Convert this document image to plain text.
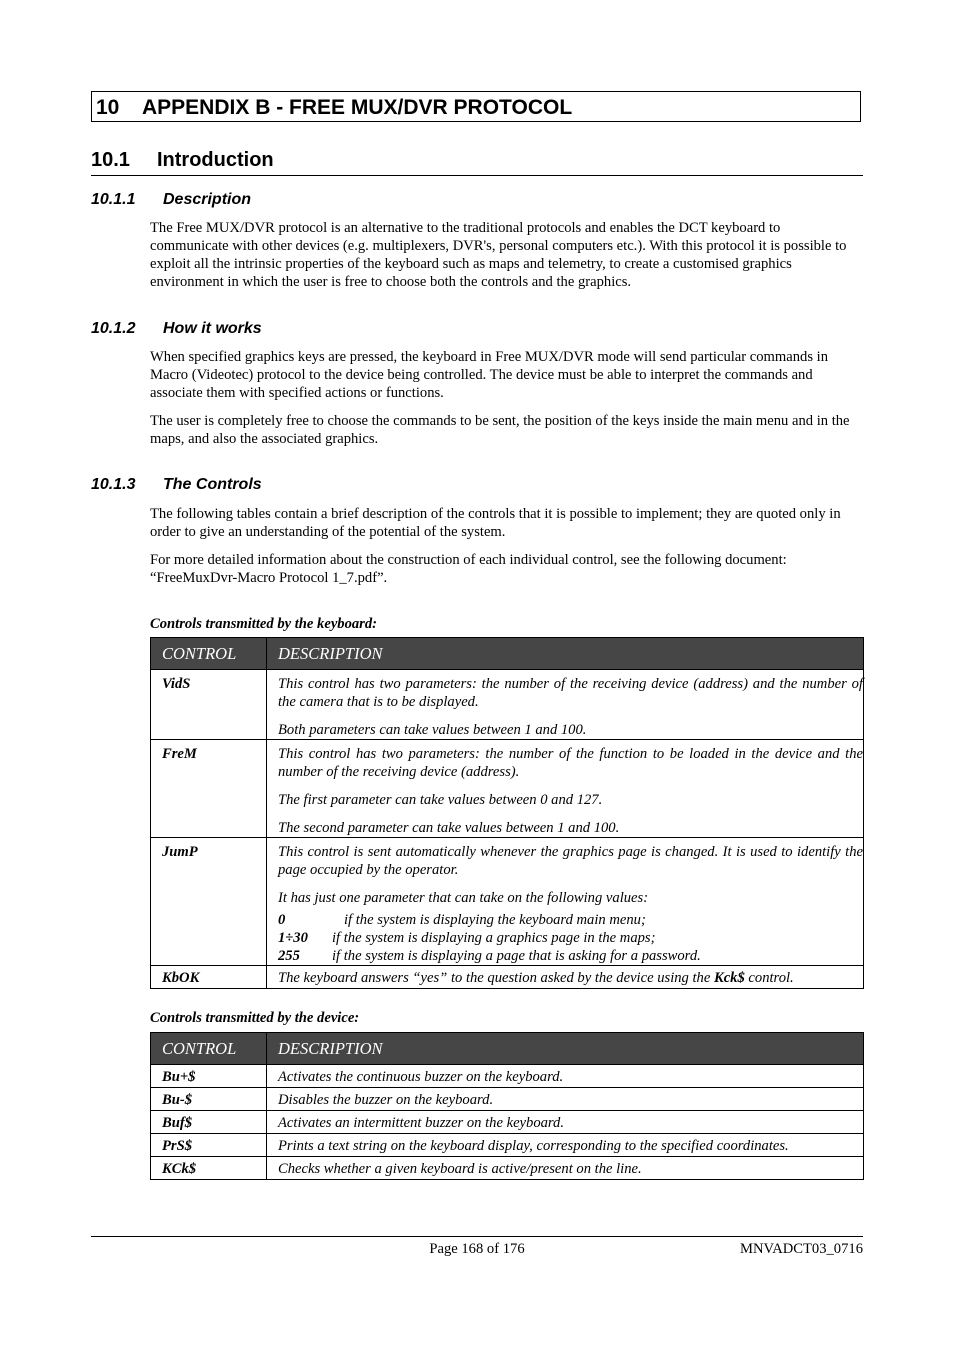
10 APPENDIX B - FREE MUX/DVR PROTOCOL
10.1 Introduction
10.1.1 Description

The Free MUX/DVR protocol is an alternative to the traditional protocols and enables the DCT keyboard to communicate with other devices (e.g. multiplexers, DVR's, personal computers etc.). With this protocol it is possible to exploit all the intrinsic properties of the keyboard such as maps and telemetry, to create a customised graphics environment in which the user is free to choose both the controls and the graphics.

10.1.2 How it works

When specified graphics keys are pressed, the keyboard in Free MUX/DVR mode will send particular commands in Macro (Videotec) protocol to the device being controlled. The device must be able to interpret the commands and associate them with specified actions or functions.

The user is completely free to choose the commands to be sent, the position of the keys inside the main menu and in the maps, and also the associated graphics.

10.1.3 The Controls

The following tables contain a brief description of the controls that it is possible to implement; they are quoted only in order to give an understanding of the potential of the system.

For more detailed information about the construction of each individual control, see the following document: “FreeMuxDvr-Macro Protocol 1_7.pdf”.

Controls transmitted by the keyboard:
CONTROL	DESCRIPTION
VidS	This control has two parameters: the number of the receiving device (address) and the number of the camera that is to be displayed.

Both parameters can take values between 1 and 100.

FreM	This control has two parameters: the number of the function to be loaded in the device and the number of the receiving device (address).

The first parameter can take values between 0 and 127.

The second parameter can take values between 1 and 100.

JumP	This control is sent automatically whenever the graphics page is changed. It is used to identify the page occupied by the operator.

It has just one parameter that can take on the following values:

0 if the system is displaying the keyboard main menu;
1÷30 if the system is displaying a graphics page in the maps;
255 if the system is displaying a page that is asking for a password.

KbOK	The keyboard answers “yes” to the question asked by the device using the Kck$ control.
Controls transmitted by the device:
CONTROL	DESCRIPTION
Bu+$	Activates the continuous buzzer on the keyboard.
Bu-$	Disables the buzzer on the keyboard.
Buf$	Activates an intermittent buzzer on the keyboard.
PrS$	Prints a text string on the keyboard display, corresponding to the specified coordinates.
KCk$	Checks whether a given keyboard is active/present on the line.
Page 168 of 176	MNVADCT03_0716
